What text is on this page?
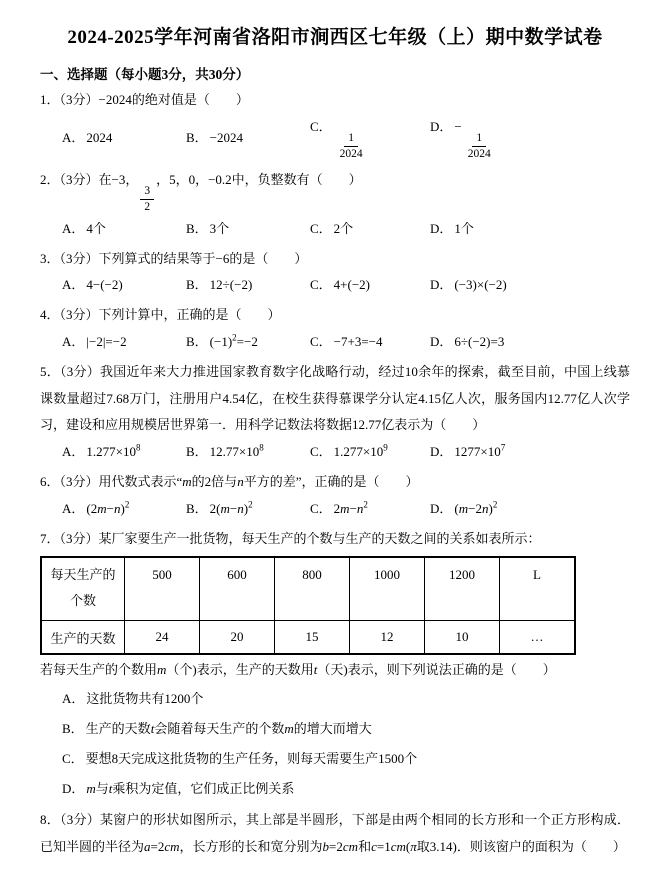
2024-2025学年河南省洛阳市涧西区七年级（上）期中数学试卷
一、选择题（每小题3分，共30分）
1．（3分）−2024的绝对值是（　　）
A． 2024	B． −2024
C．
$\frac{1}{2024}$
D． −
$\frac{1}{2024}$
2．（3分）在−3，
$\frac{3}{2}$
，5，0，−0.2中，负整数有（　　）
A． 4个	B． 3个	C． 2个	D． 1个
3．（3分）下列算式的结果等于−6的是（　　）
A． 4−(−2)	B． 12÷(−2)	C． 4+(−2)	D． (−3)×(−2)
4．（3分）下列计算中，正确的是（　　）
A． |−2|=−2	B． $(-1)^2=-2$	C． −7+3=−4	D． 6÷(−2)=3
5．（3分）我国近年来大力推进国家教育数字化战略行动，经过10余年的探索，截至目前，中国上线慕课数量超过7.68万门，注册用户4.54亿，在校生获得慕课学分认定4.15亿人次，服务国内12.77亿人次学习，建设和应用规模居世界第一．用科学记数法将数据12.77亿表示为（　　）
A． $1.277\times 10^8$	B． $12.77\times 10^8$	C． $1.277\times 10^9$	D． $1277\times 10^7$
6．（3分）用代数式表示“m的2倍与n平方的差”，正确的是（　　）
A． $(2m-n)^2$	B． $2(m-n)^2$	C． $2m-n^2$	D． $(m-2n)^2$
7．（3分）某厂家要生产一批货物，每天生产的个数与生产的天数之间的关系如表所示：
每天生产的个数	500	600	800	1000	1200	L
生产的天数	24	20	15	12	10	…
若每天生产的个数用m（个)表示，生产的天数用t（天)表示，则下列说法正确的是（　　）
A． 这批货物共有1200个
B． 生产的天数t会随着每天生产的个数m的增大而增大
C． 要想8天完成这批货物的生产任务，则每天需要生产1500个
D． m与t乘积为定值，它们成正比例关系
8．（3分）某窗户的形状如图所示，其上部是半圆形，下部是由两个相同的长方形和一个正方形构成．已知半圆的半径为a=2cm，长方形的长和宽分别为b=2cm和c=1cm(π取3.14)．则该窗户的面积为（　　）
